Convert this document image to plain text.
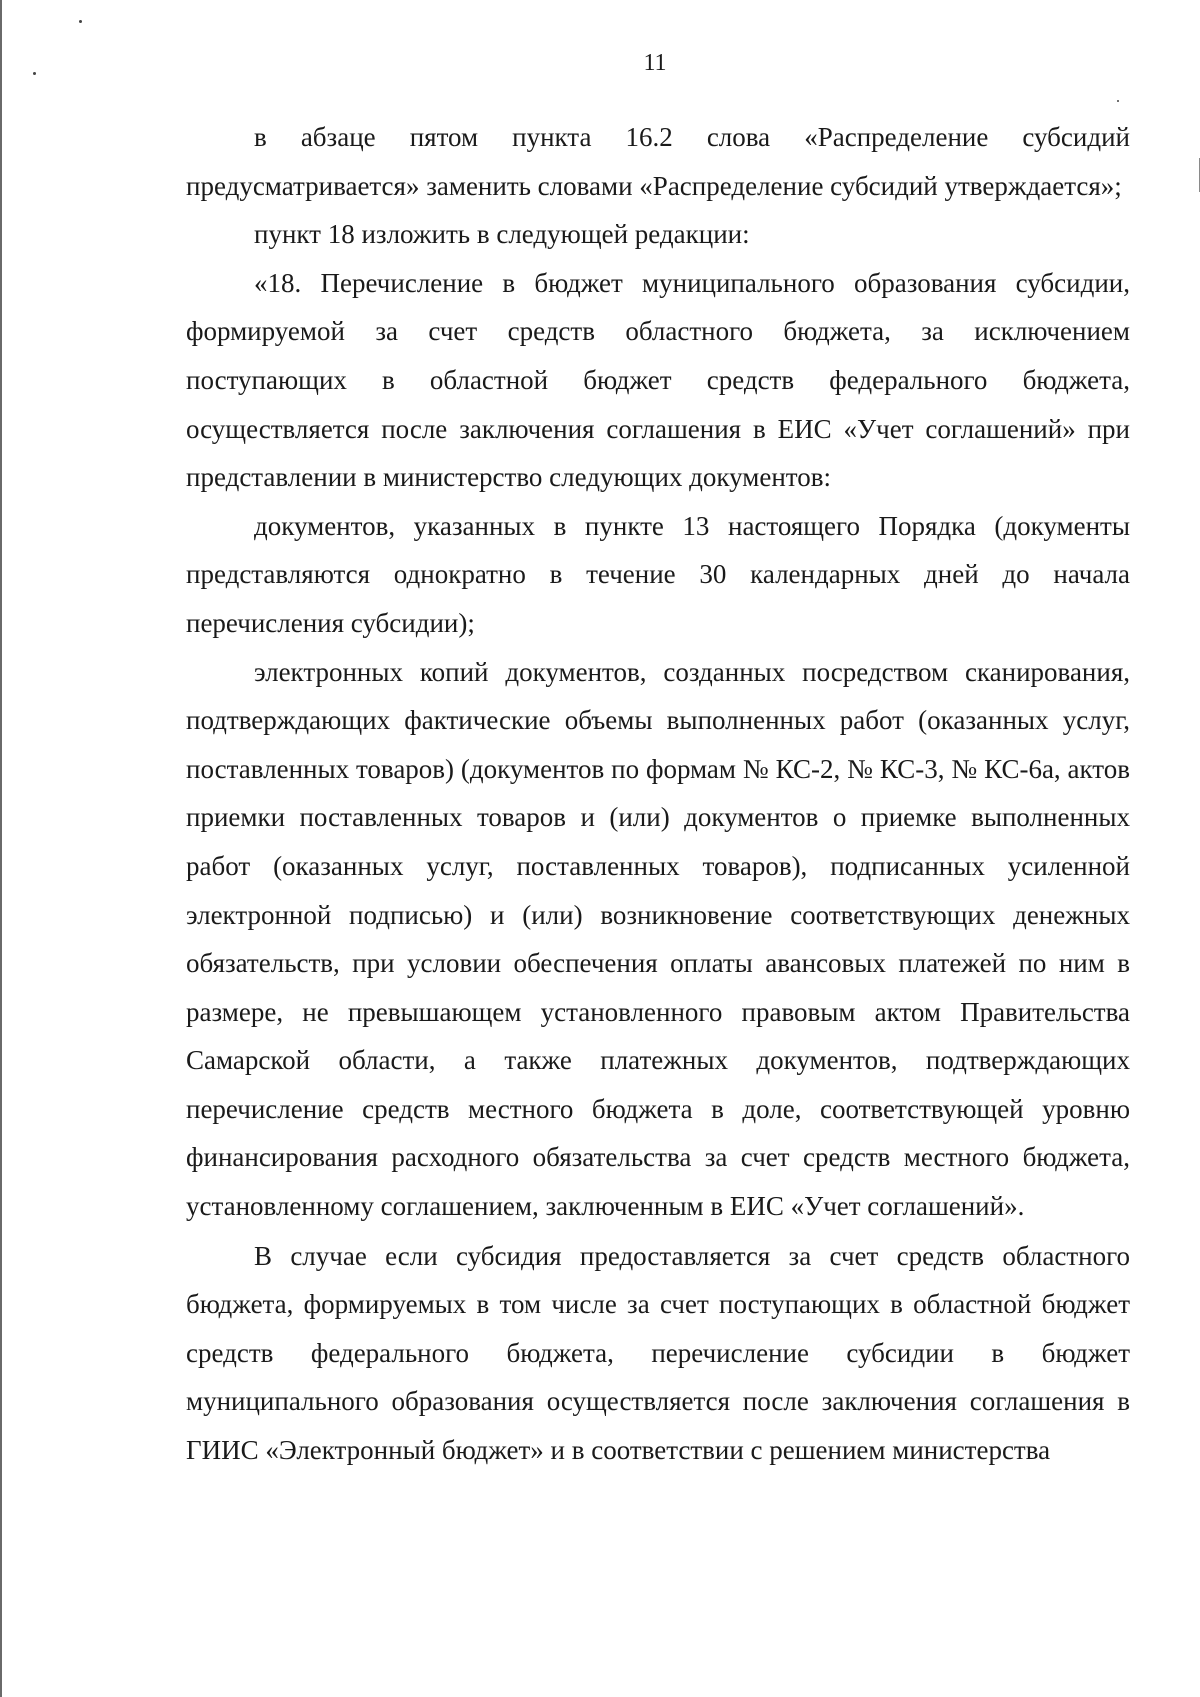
11

в абзаце пятом пункта 16.2 слова «Распределение субсидий предусматривается» заменить словами «Распределение субсидий утверждается»;

пункт 18 изложить в следующей редакции:

«18. Перечисление в бюджет муниципального образования субсидии, формируемой за счет средств областного бюджета, за исключением поступающих в областной бюджет средств федерального бюджета, осуществляется после заключения соглашения в ЕИС «Учет соглашений» при представлении в министерство следующих документов:

документов, указанных в пункте 13 настоящего Порядка (документы представляются однократно в течение 30 календарных дней до начала перечисления субсидии);

электронных копий документов, созданных посредством сканирования, подтверждающих фактические объемы выполненных работ (оказанных услуг, поставленных товаров) (документов по формам № КС-2, № КС-3, № КС-6а, актов приемки поставленных товаров и (или) документов о приемке выполненных работ (оказанных услуг, поставленных товаров), подписанных усиленной электронной подписью) и (или) возникновение соответствующих денежных обязательств, при условии обеспечения оплаты авансовых платежей по ним в размере, не превышающем установленного правовым актом Правительства Самарской области, а также платежных документов, подтверждающих перечисление средств местного бюджета в доле, соответствующей уровню финансирования расходного обязательства за счет средств местного бюджета, установленному соглашением, заключенным в ЕИС «Учет соглашений».

В случае если субсидия предоставляется за счет средств областного бюджета, формируемых в том числе за счет поступающих в областной бюджет средств федерального бюджета, перечисление субсидии в бюджет муниципального образования осуществляется после заключения соглашения в ГИИС «Электронный бюджет» и в соответствии с решением министерства
